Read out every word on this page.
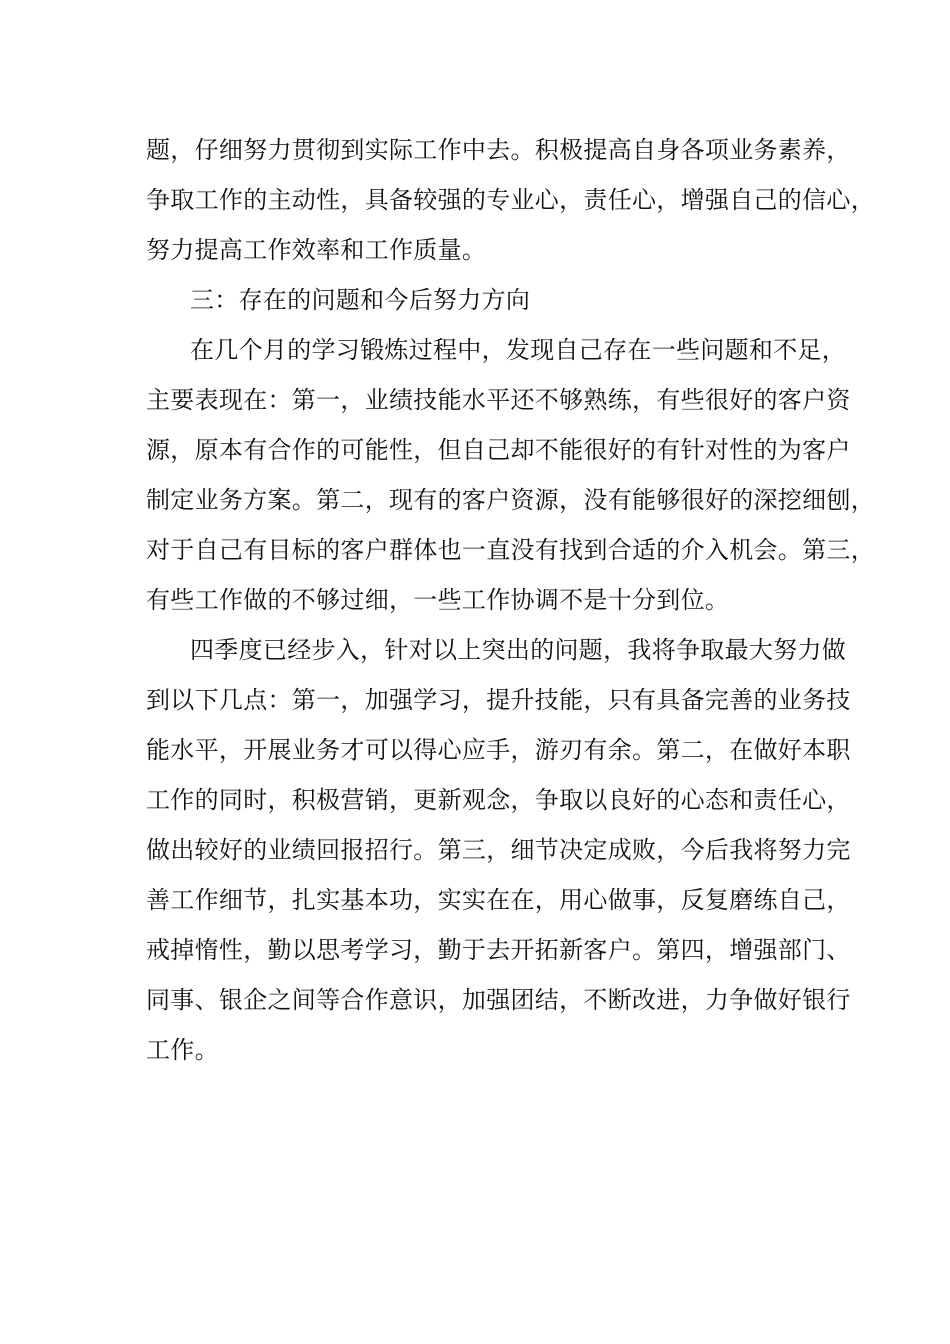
题，仔细努力贯彻到实际工作中去。积极提高自身各项业务素养，
争取工作的主动性，具备较强的专业心，责任心，增强自己的信心，
努力提高工作效率和工作质量。
三：存在的问题和今后努力方向
在几个月的学习锻炼过程中，发现自己存在一些问题和不足，
主要表现在：第一，业绩技能水平还不够熟练，有些很好的客户资
源，原本有合作的可能性，但自己却不能很好的有针对性的为客户
制定业务方案。第二，现有的客户资源，没有能够很好的深挖细刨，
对于自己有目标的客户群体也一直没有找到合适的介入机会。第三，
有些工作做的不够过细，一些工作协调不是十分到位。
四季度已经步入，针对以上突出的问题，我将争取最大努力做
到以下几点：第一，加强学习，提升技能，只有具备完善的业务技
能水平，开展业务才可以得心应手，游刃有余。第二，在做好本职
工作的同时，积极营销，更新观念，争取以良好的心态和责任心，
做出较好的业绩回报招行。第三，细节决定成败，今后我将努力完
善工作细节，扎实基本功，实实在在，用心做事，反复磨练自己，
戒掉惰性，勤以思考学习，勤于去开拓新客户。第四，增强部门、
同事、银企之间等合作意识，加强团结，不断改进，力争做好银行
工作。
